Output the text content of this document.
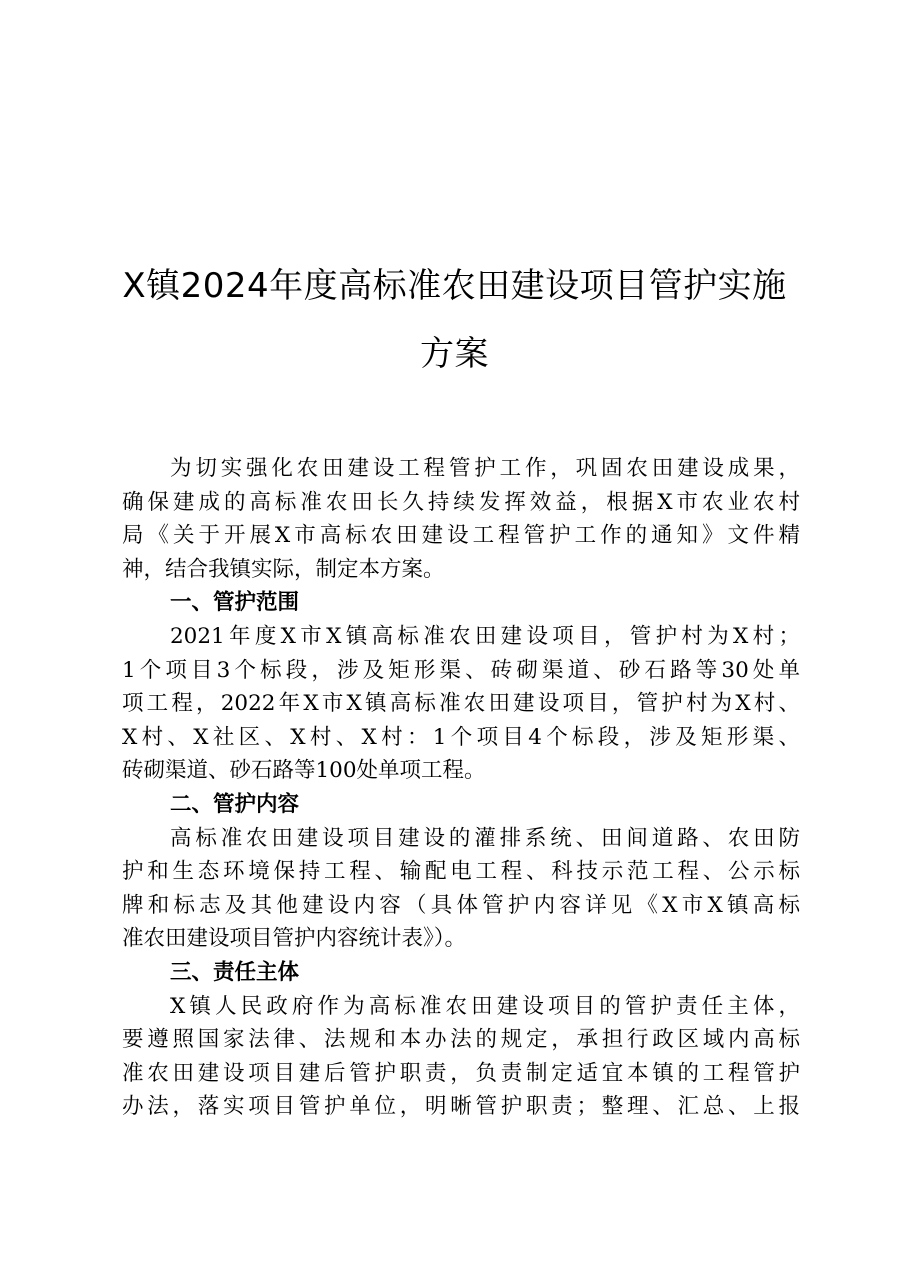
X镇2024年度高标准农田建设项目管护实施
方案
为切实强化农田建设工程管护工作，巩固农田建设成果，
确保建成的高标准农田长久持续发挥效益，根据X市农业农村
局《关于开展X市高标农田建设工程管护工作的通知》文件精
神，结合我镇实际，制定本方案。
一、管护范围
2021年度X市X镇高标准农田建设项目，管护村为X村；
1个项目3个标段，涉及矩形渠、砖砌渠道、砂石路等30处单
项工程，2022年X市X镇高标准农田建设项目，管护村为X村、
X村、X社区、X村、X村：1个项目4个标段，涉及矩形渠、
砖砌渠道、砂石路等100处单项工程。
二、管护内容
高标准农田建设项目建设的灌排系统、田间道路、农田防
护和生态环境保持工程、输配电工程、科技示范工程、公示标
牌和标志及其他建设内容（具体管护内容详见《X市X镇高标
准农田建设项目管护内容统计表》）。
三、责任主体
X镇人民政府作为高标准农田建设项目的管护责任主体，
要遵照国家法律、法规和本办法的规定，承担行政区域内高标
准农田建设项目建后管护职责，负责制定适宜本镇的工程管护
办法，落实项目管护单位，明晰管护职责；整理、汇总、上报
